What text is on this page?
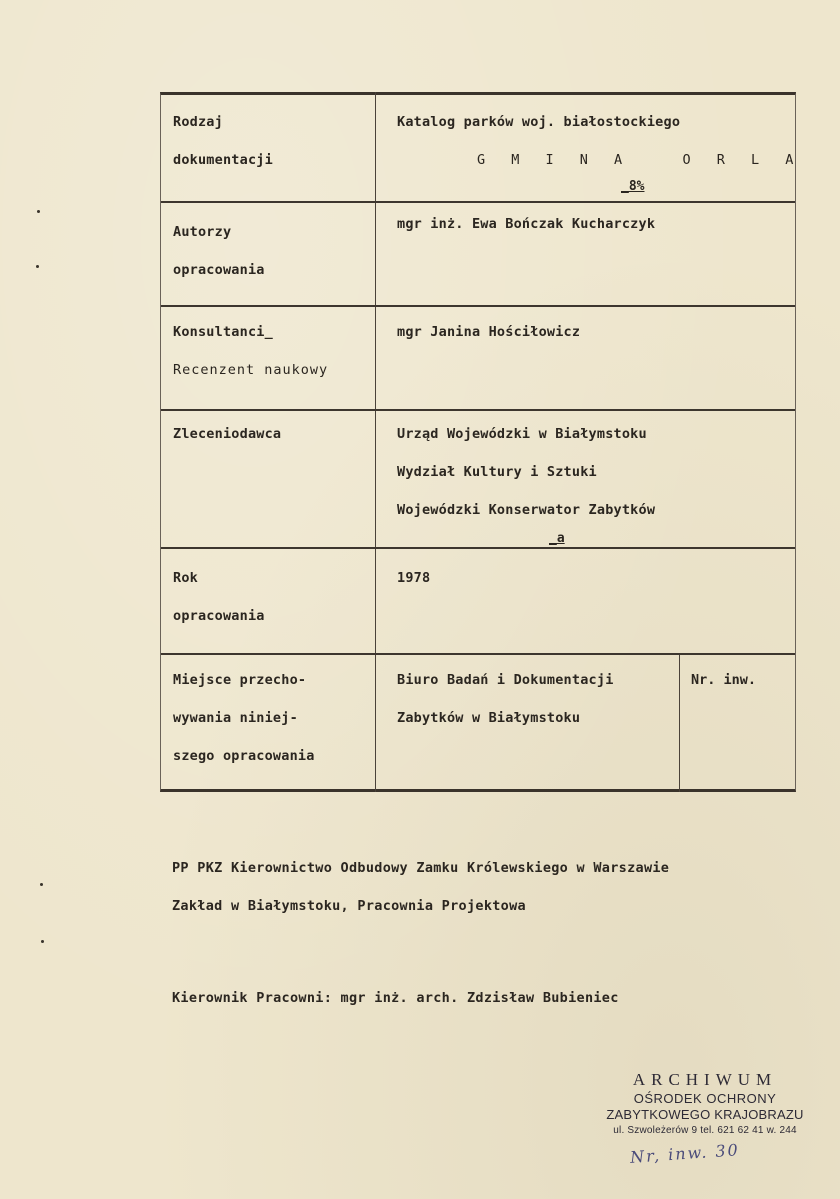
Rodzaj
dokumentacji
Katalog parków woj. białostockiego
G M I N A   O R L A
_8%
Autorzy
opracowania
mgr inż. Ewa Bończak Kucharczyk
Konsultanci_
Recenzent naukowy
mgr Janina Hościłowicz
Zleceniodawca	Urząd Wojewódzki w Białymstoku
Wydział Kultury i Sztuki
Wojewódzki Konserwator Zabytków
_a
Rok
opracowania
1978
Miejsce przecho-
wywania niniej-
szego opracowania
Biuro Badań i Dokumentacji
Zabytków w Białymstoku
Nr. inw.
PP PKZ Kierownictwo Odbudowy Zamku Królewskiego w Warszawie
Zakład w Białymstoku, Pracownia Projektowa
Kierownik Pracowni: mgr inż. arch. Zdzisław Bubieniec
ARCHIWUM
OŚRODEK OCHRONY
ZABYTKOWEGO KRAJOBRAZU
ul. Szwoleżerów 9 tel. 621 62 41 w. 244
Nr, inw. 30
